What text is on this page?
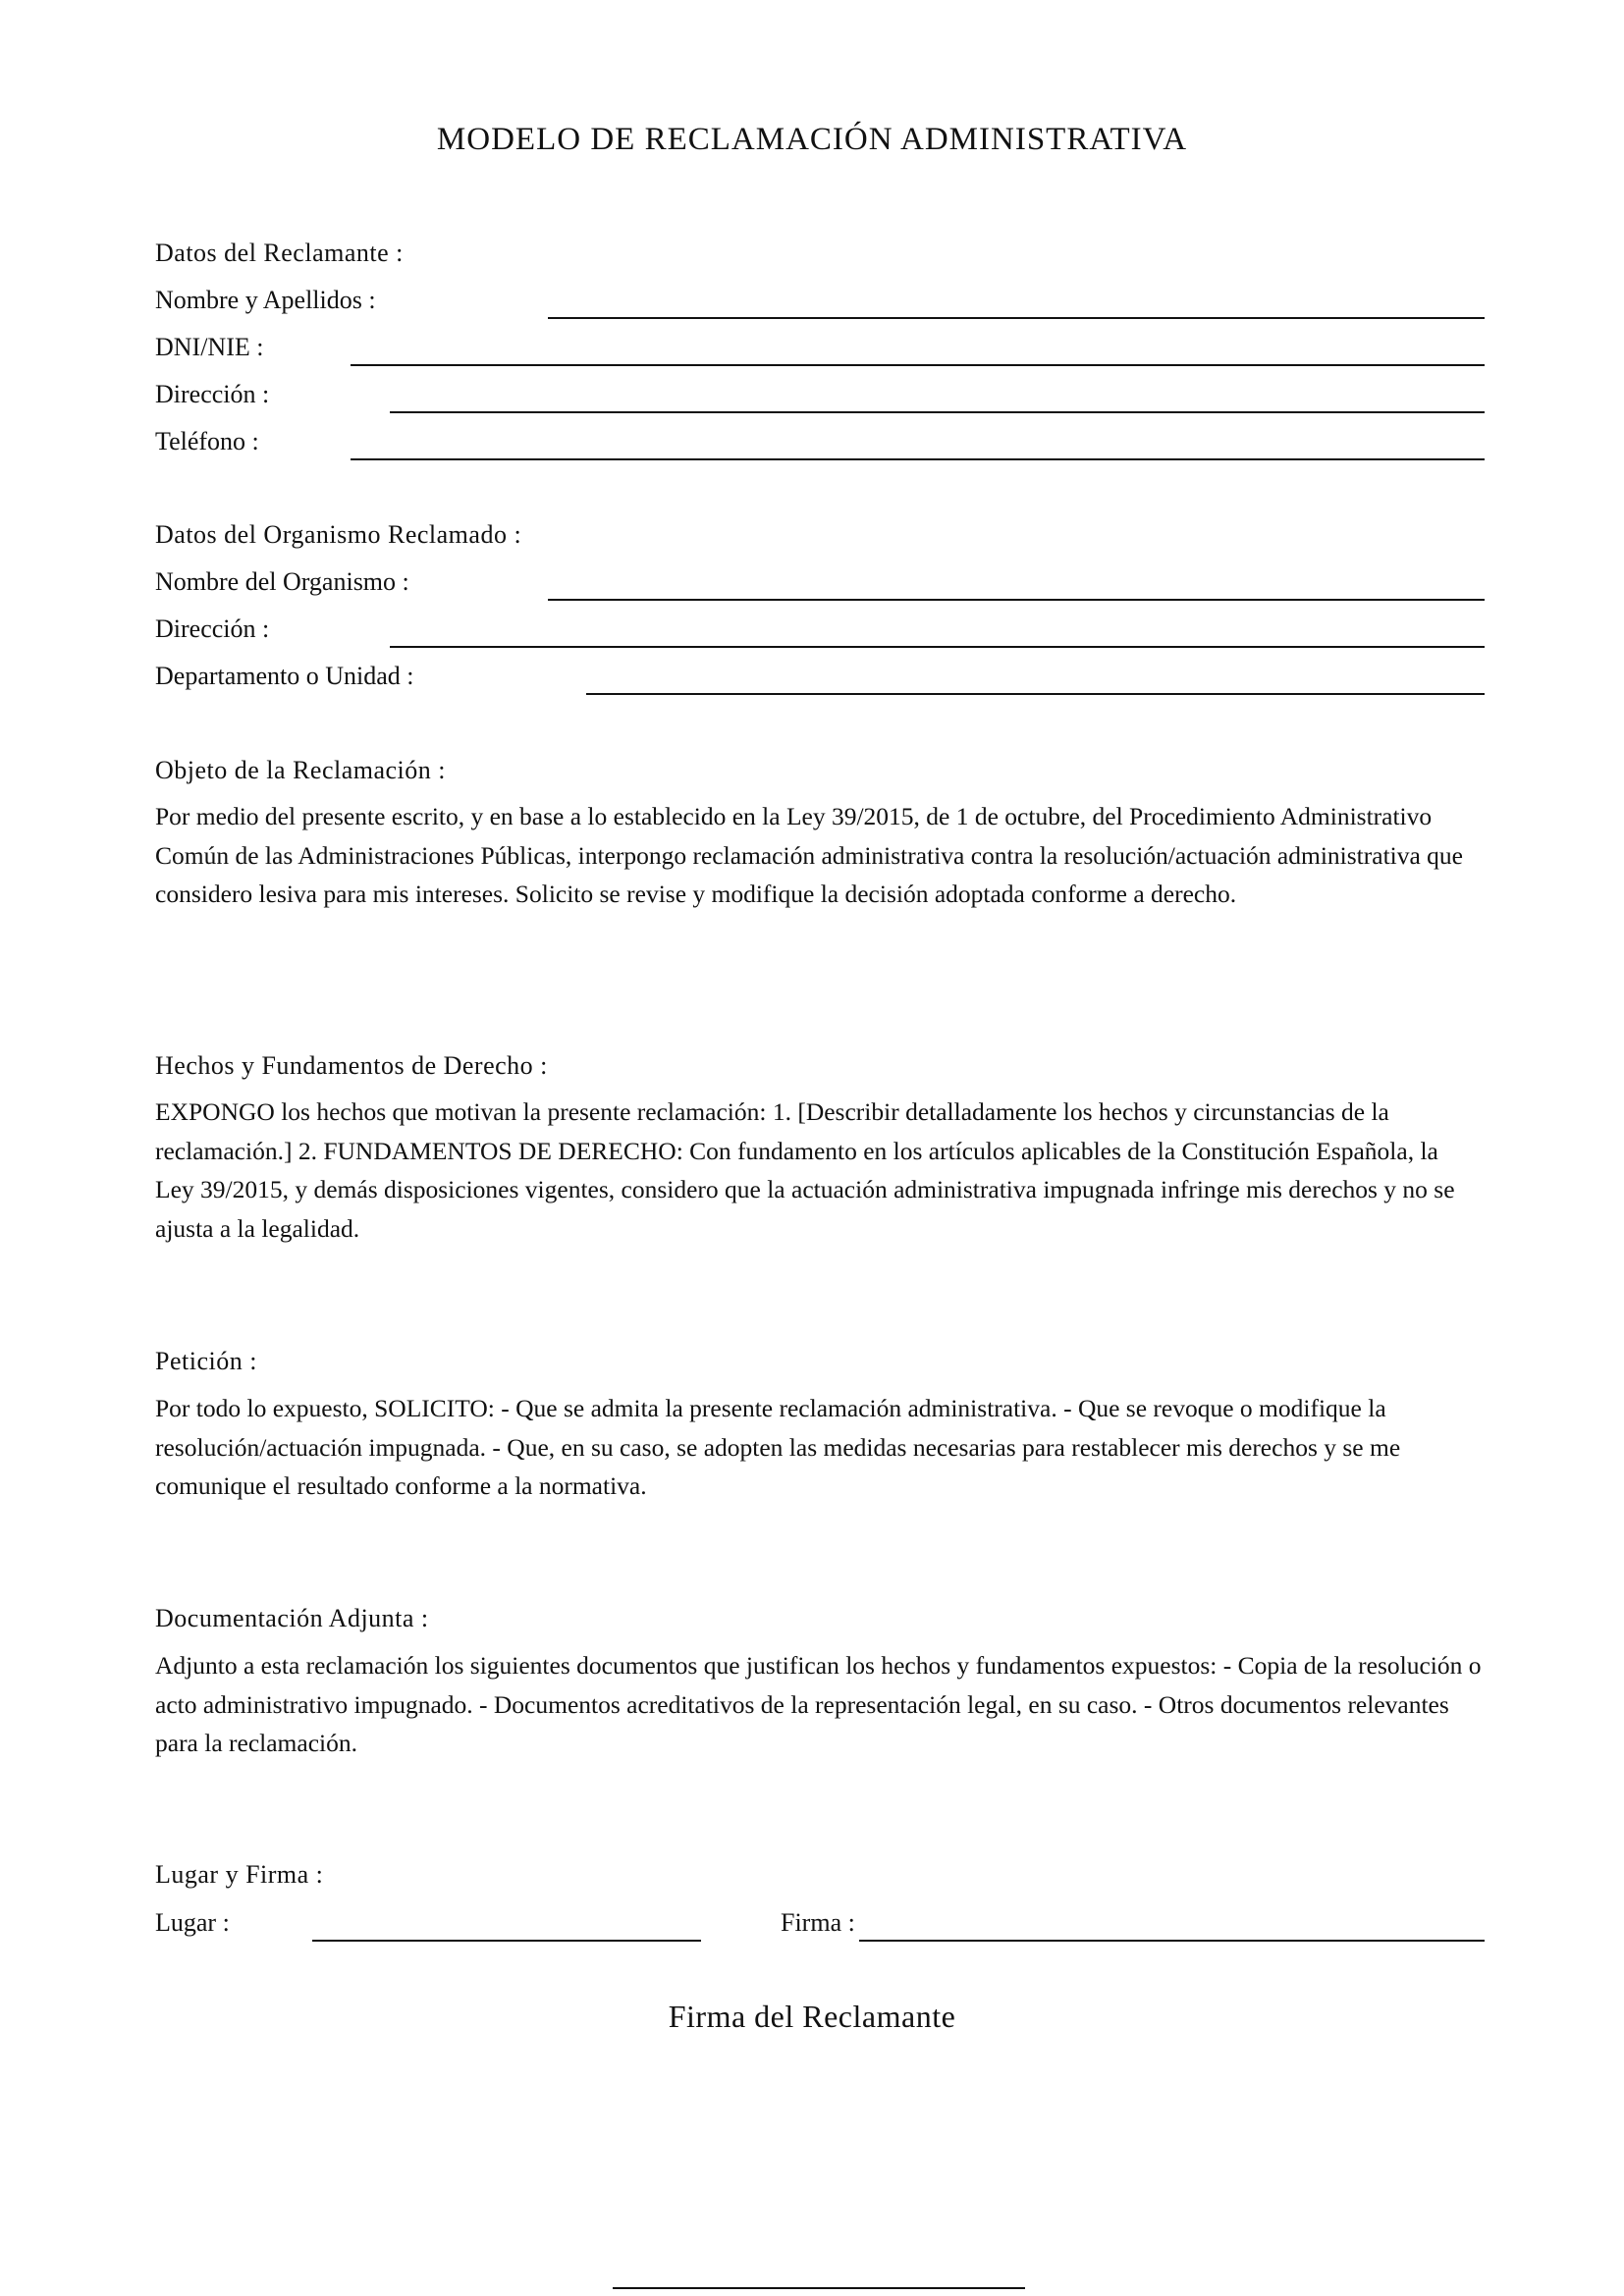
MODELO DE RECLAMACIÓN ADMINISTRATIVA
Datos del Reclamante :
Nombre y Apellidos :
DNI/NIE :
Dirección :
Teléfono :
Datos del Organismo Reclamado :
Nombre del Organismo :
Dirección :
Departamento o Unidad :
Objeto de la Reclamación :
Por medio del presente escrito, y en base a lo establecido en la Ley 39/2015, de 1 de octubre, del Procedimiento Administrativo Común de las Administraciones Públicas, interpongo reclamación administrativa contra la resolución/actuación administrativa que considero lesiva para mis intereses. Solicito se revise y modifique la decisión adoptada conforme a derecho.
Hechos y Fundamentos de Derecho :
EXPONGO los hechos que motivan la presente reclamación: 1. [Describir detalladamente los hechos y circunstancias de la reclamación.] 2. FUNDAMENTOS DE DERECHO: Con fundamento en los artículos aplicables de la Constitución Española, la Ley 39/2015, y demás disposiciones vigentes, considero que la actuación administrativa impugnada infringe mis derechos y no se ajusta a la legalidad.
Petición :
Por todo lo expuesto, SOLICITO: - Que se admita la presente reclamación administrativa. - Que se revoque o modifique la resolución/actuación impugnada. - Que, en su caso, se adopten las medidas necesarias para restablecer mis derechos y se me comunique el resultado conforme a la normativa.
Documentación Adjunta :
Adjunto a esta reclamación los siguientes documentos que justifican los hechos y fundamentos expuestos: - Copia de la resolución o acto administrativo impugnado. - Documentos acreditativos de la representación legal, en su caso. - Otros documentos relevantes para la reclamación.
Lugar y Firma :
Lugar :	Firma :
Firma del Reclamante
